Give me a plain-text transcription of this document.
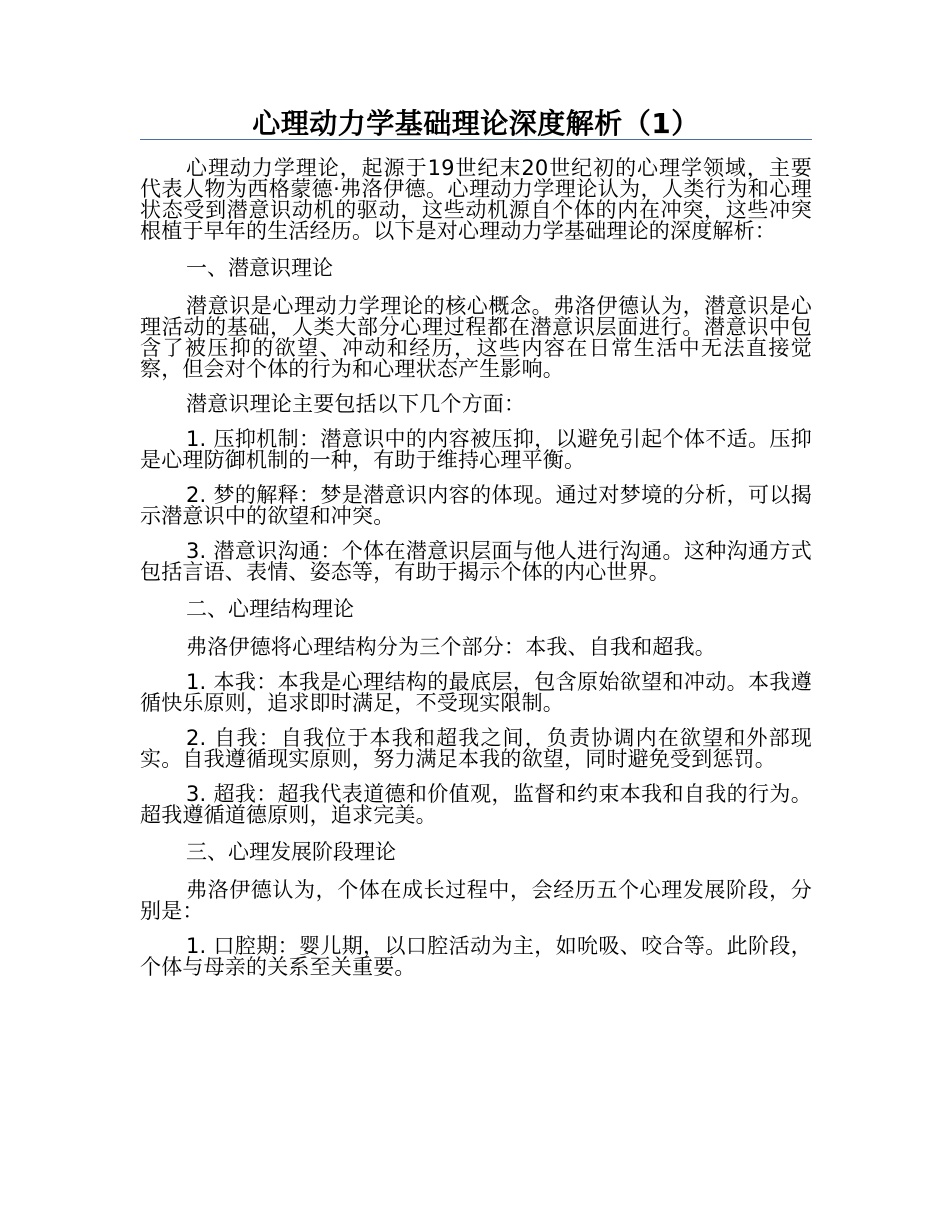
心理动力学基础理论深度解析（1）

心理动力学理论，起源于19世纪末20世纪初的心理学领域，主要代表人物为西格蒙德·弗洛伊德。心理动力学理论认为，人类行为和心理状态受到潜意识动机的驱动，这些动机源自个体的内在冲突，这些冲突根植于早年的生活经历。以下是对心理动力学基础理论的深度解析：

一、潜意识理论

潜意识是心理动力学理论的核心概念。弗洛伊德认为，潜意识是心理活动的基础，人类大部分心理过程都在潜意识层面进行。潜意识中包含了被压抑的欲望、冲动和经历，这些内容在日常生活中无法直接觉察，但会对个体的行为和心理状态产生影响。

潜意识理论主要包括以下几个方面：

1. 压抑机制：潜意识中的内容被压抑，以避免引起个体不适。压抑是心理防御机制的一种，有助于维持心理平衡。

2. 梦的解释：梦是潜意识内容的体现。通过对梦境的分析，可以揭示潜意识中的欲望和冲突。

3. 潜意识沟通：个体在潜意识层面与他人进行沟通。这种沟通方式包括言语、表情、姿态等，有助于揭示个体的内心世界。

二、心理结构理论

弗洛伊德将心理结构分为三个部分：本我、自我和超我。

1. 本我：本我是心理结构的最底层，包含原始欲望和冲动。本我遵循快乐原则，追求即时满足，不受现实限制。

2. 自我：自我位于本我和超我之间，负责协调内在欲望和外部现实。自我遵循现实原则，努力满足本我的欲望，同时避免受到惩罚。

3. 超我：超我代表道德和价值观，监督和约束本我和自我的行为。超我遵循道德原则，追求完美。

三、心理发展阶段理论

弗洛伊德认为，个体在成长过程中，会经历五个心理发展阶段，分别是：

1. 口腔期：婴儿期，以口腔活动为主，如吮吸、咬合等。此阶段，个体与母亲的关系至关重要。
